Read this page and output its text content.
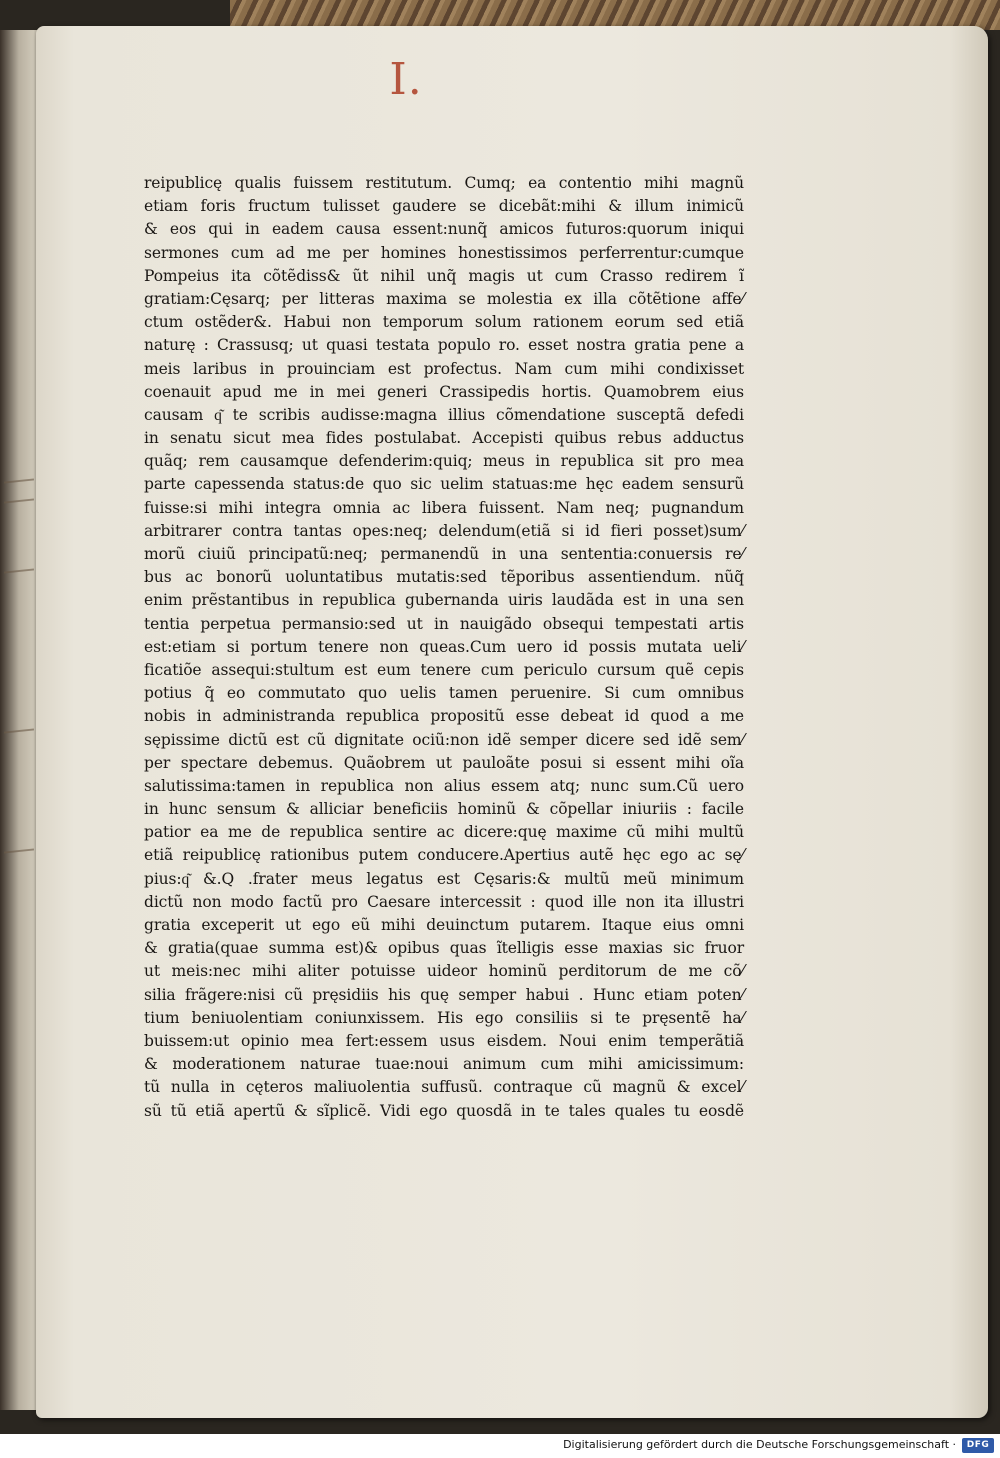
I.
reipublicę qualis fuissem restitutum. Cumq; ea contentio mihi magnũ
etiam foris fructum tulisset gaudere se dicebãt:mihi & illum inimicũ
& eos qui in eadem causa essent:nunq̃ amicos futuros:quorum iniqui
sermones cum ad me per homines honestissimos perferrentur:cumque
Pompeius ita cõtẽdiss& ũt nihil unq̃ magis ut cum Crasso redirem ĩ
gratiam:Cęsarq; per litteras maxima se molestia ex illa cõtẽtione affe⁄
ctum ostẽder&. Habui non temporum solum rationem eorum sed etiã
naturę : Crassusq; ut quasi testata populo ro. esset nostra gratia pene a
meis laribus in prouinciam est profectus. Nam cum mihi condixisset
coenauit apud me in mei generi Crassipedis hortis. Quamobrem eius
causam q͂ te scribis audisse:magna illius cõmendatione susceptã defedi
in senatu sicut mea fides postulabat. Accepisti quibus rebus adductus
quãq; rem causamque defenderim:quiq; meus in republica sit pro mea
parte capessenda status:de quo sic uelim statuas:me hęc eadem sensurũ
fuisse:si mihi integra omnia ac libera fuissent. Nam neq; pugnandum
arbitrarer contra tantas opes:neq; delendum(etiã si id fieri posset)sum⁄
morũ ciuiũ principatũ:neq; permanendũ in una sententia:conuersis re⁄
bus ac bonorũ uoluntatibus mutatis:sed tẽporibus assentiendum. nũq̃
enim prẽstantibus in republica gubernanda uiris laudãda est in una sen
tentia perpetua permansio:sed ut in nauigãdo obsequi tempestati artis
est:etiam si portum tenere non queas.Cum uero id possis mutata ueli⁄
ficatiõe assequi:stultum est eum tenere cum periculo cursum quẽ cepis
potius q̃ eo commutato quo uelis tamen peruenire. Si cum omnibus
nobis in administranda republica propositũ esse debeat id quod a me
sępissime dictũ est cũ dignitate ociũ:non idẽ semper dicere sed idẽ sem⁄
per spectare debemus. Quãobrem ut pauloãte posui si essent mihi oĩa
salutissima:tamen in republica non alius essem atq; nunc sum.Cũ uero
in hunc sensum & alliciar beneficiis hominũ & cõpellar iniuriis : facile
patior ea me de republica sentire ac dicere:quę maxime cũ mihi multũ
etiã reipublicę rationibus putem conducere.Apertius autẽ hęc ego ac sę⁄
pius:q͂ &.Q .frater meus legatus est Cęsaris:& multũ meũ minimum
dictũ non modo factũ pro Caesare intercessit : quod ille non ita illustri
gratia exceperit ut ego eũ mihi deuinctum putarem. Itaque eius omni
& gratia(quae summa est)& opibus quas ĩtelligis esse maxias sic fruor
ut meis:nec mihi aliter potuisse uideor hominũ perditorum de me cõ⁄
silia frãgere:nisi cũ pręsidiis his quę semper habui . Hunc etiam poten⁄
tium beniuolentiam coniunxissem. His ego consiliis si te pręsentẽ ha⁄
buissem:ut opinio mea fert:essem usus eisdem. Noui enim temperãtiã
& moderationem naturae tuae:noui animum cum mihi amicissimum:
tũ nulla in cęteros maliuolentia suffusũ. contraque cũ magnũ & excel⁄
sũ tũ etiã apertũ & sĩplicẽ. Vidi ego quosdã in te tales quales tu eosdẽ
Digitalisierung gefördert durch die Deutsche Forschungsgemeinschaft ·	DFG
